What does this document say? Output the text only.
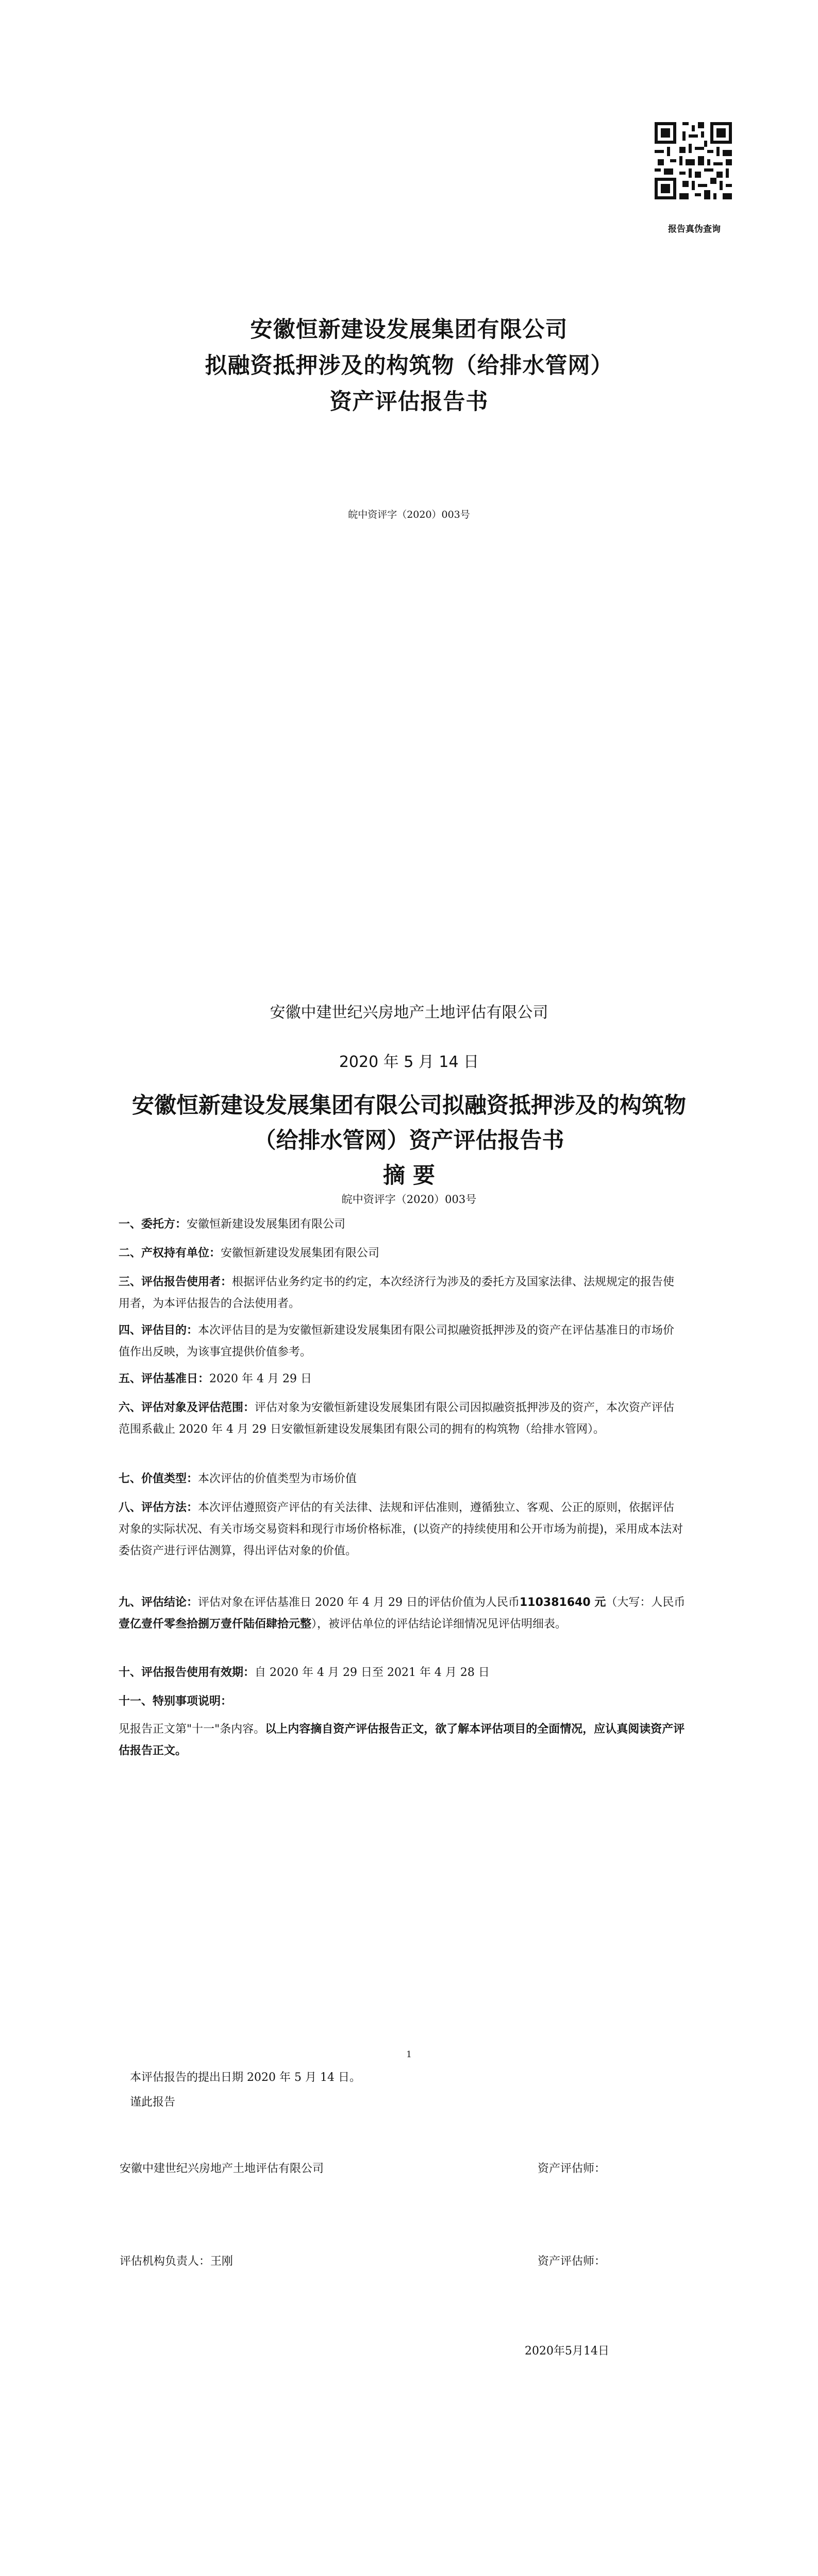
报告真伪查询
安徽恒新建设发展集团有限公司
拟融资抵押涉及的构筑物（给排水管网）
资产评估报告书
皖中资评字（2020）003号
安徽中建世纪兴房地产土地评估有限公司
2020 年 5 月 14 日
安徽恒新建设发展集团有限公司拟融资抵押涉及的构筑物
（给排水管网）资产评估报告书
摘 要
皖中资评字（2020）003号
一、委托方：安徽恒新建设发展集团有限公司
二、产权持有单位：安徽恒新建设发展集团有限公司
三、评估报告使用者：根据评估业务约定书的约定，本次经济行为涉及的委托方及国家法律、法规规定的报告使用者，为本评估报告的合法使用者。
四、评估目的：本次评估目的是为安徽恒新建设发展集团有限公司拟融资抵押涉及的资产在评估基准日的市场价值作出反映，为该事宜提供价值参考。
五、评估基准日：2020 年 4 月 29 日
六、评估对象及评估范围：评估对象为安徽恒新建设发展集团有限公司因拟融资抵押涉及的资产，本次资产评估范围系截止 2020 年 4 月 29 日安徽恒新建设发展集团有限公司的拥有的构筑物（给排水管网）。
七、价值类型：本次评估的价值类型为市场价值
八、评估方法：本次评估遵照资产评估的有关法律、法规和评估准则，遵循独立、客观、公正的原则，依据评估对象的实际状况、有关市场交易资料和现行市场价格标准，(以资产的持续使用和公开市场为前提)，采用成本法对委估资产进行评估测算，得出评估对象的价值。
九、评估结论：评估对象在评估基准日 2020 年 4 月 29 日的评估价值为人民币110381640 元（大写：人民币壹亿壹仟零叁拾捌万壹仟陆佰肆拾元整），被评估单位的评估结论详细情况见评估明细表。
十、评估报告使用有效期：自 2020 年 4 月 29 日至 2021 年 4 月 28 日
十一、特别事项说明：
见报告正文第"十一"条内容。以上内容摘自资产评估报告正文，欲了解本评估项目的全面情况，应认真阅读资产评估报告正文。
1
本评估报告的提出日期 2020 年 5 月 14 日。
谨此报告
安徽中建世纪兴房地产土地评估有限公司	资产评估师：
评估机构负责人：王刚	资产评估师：
2020年5月14日
